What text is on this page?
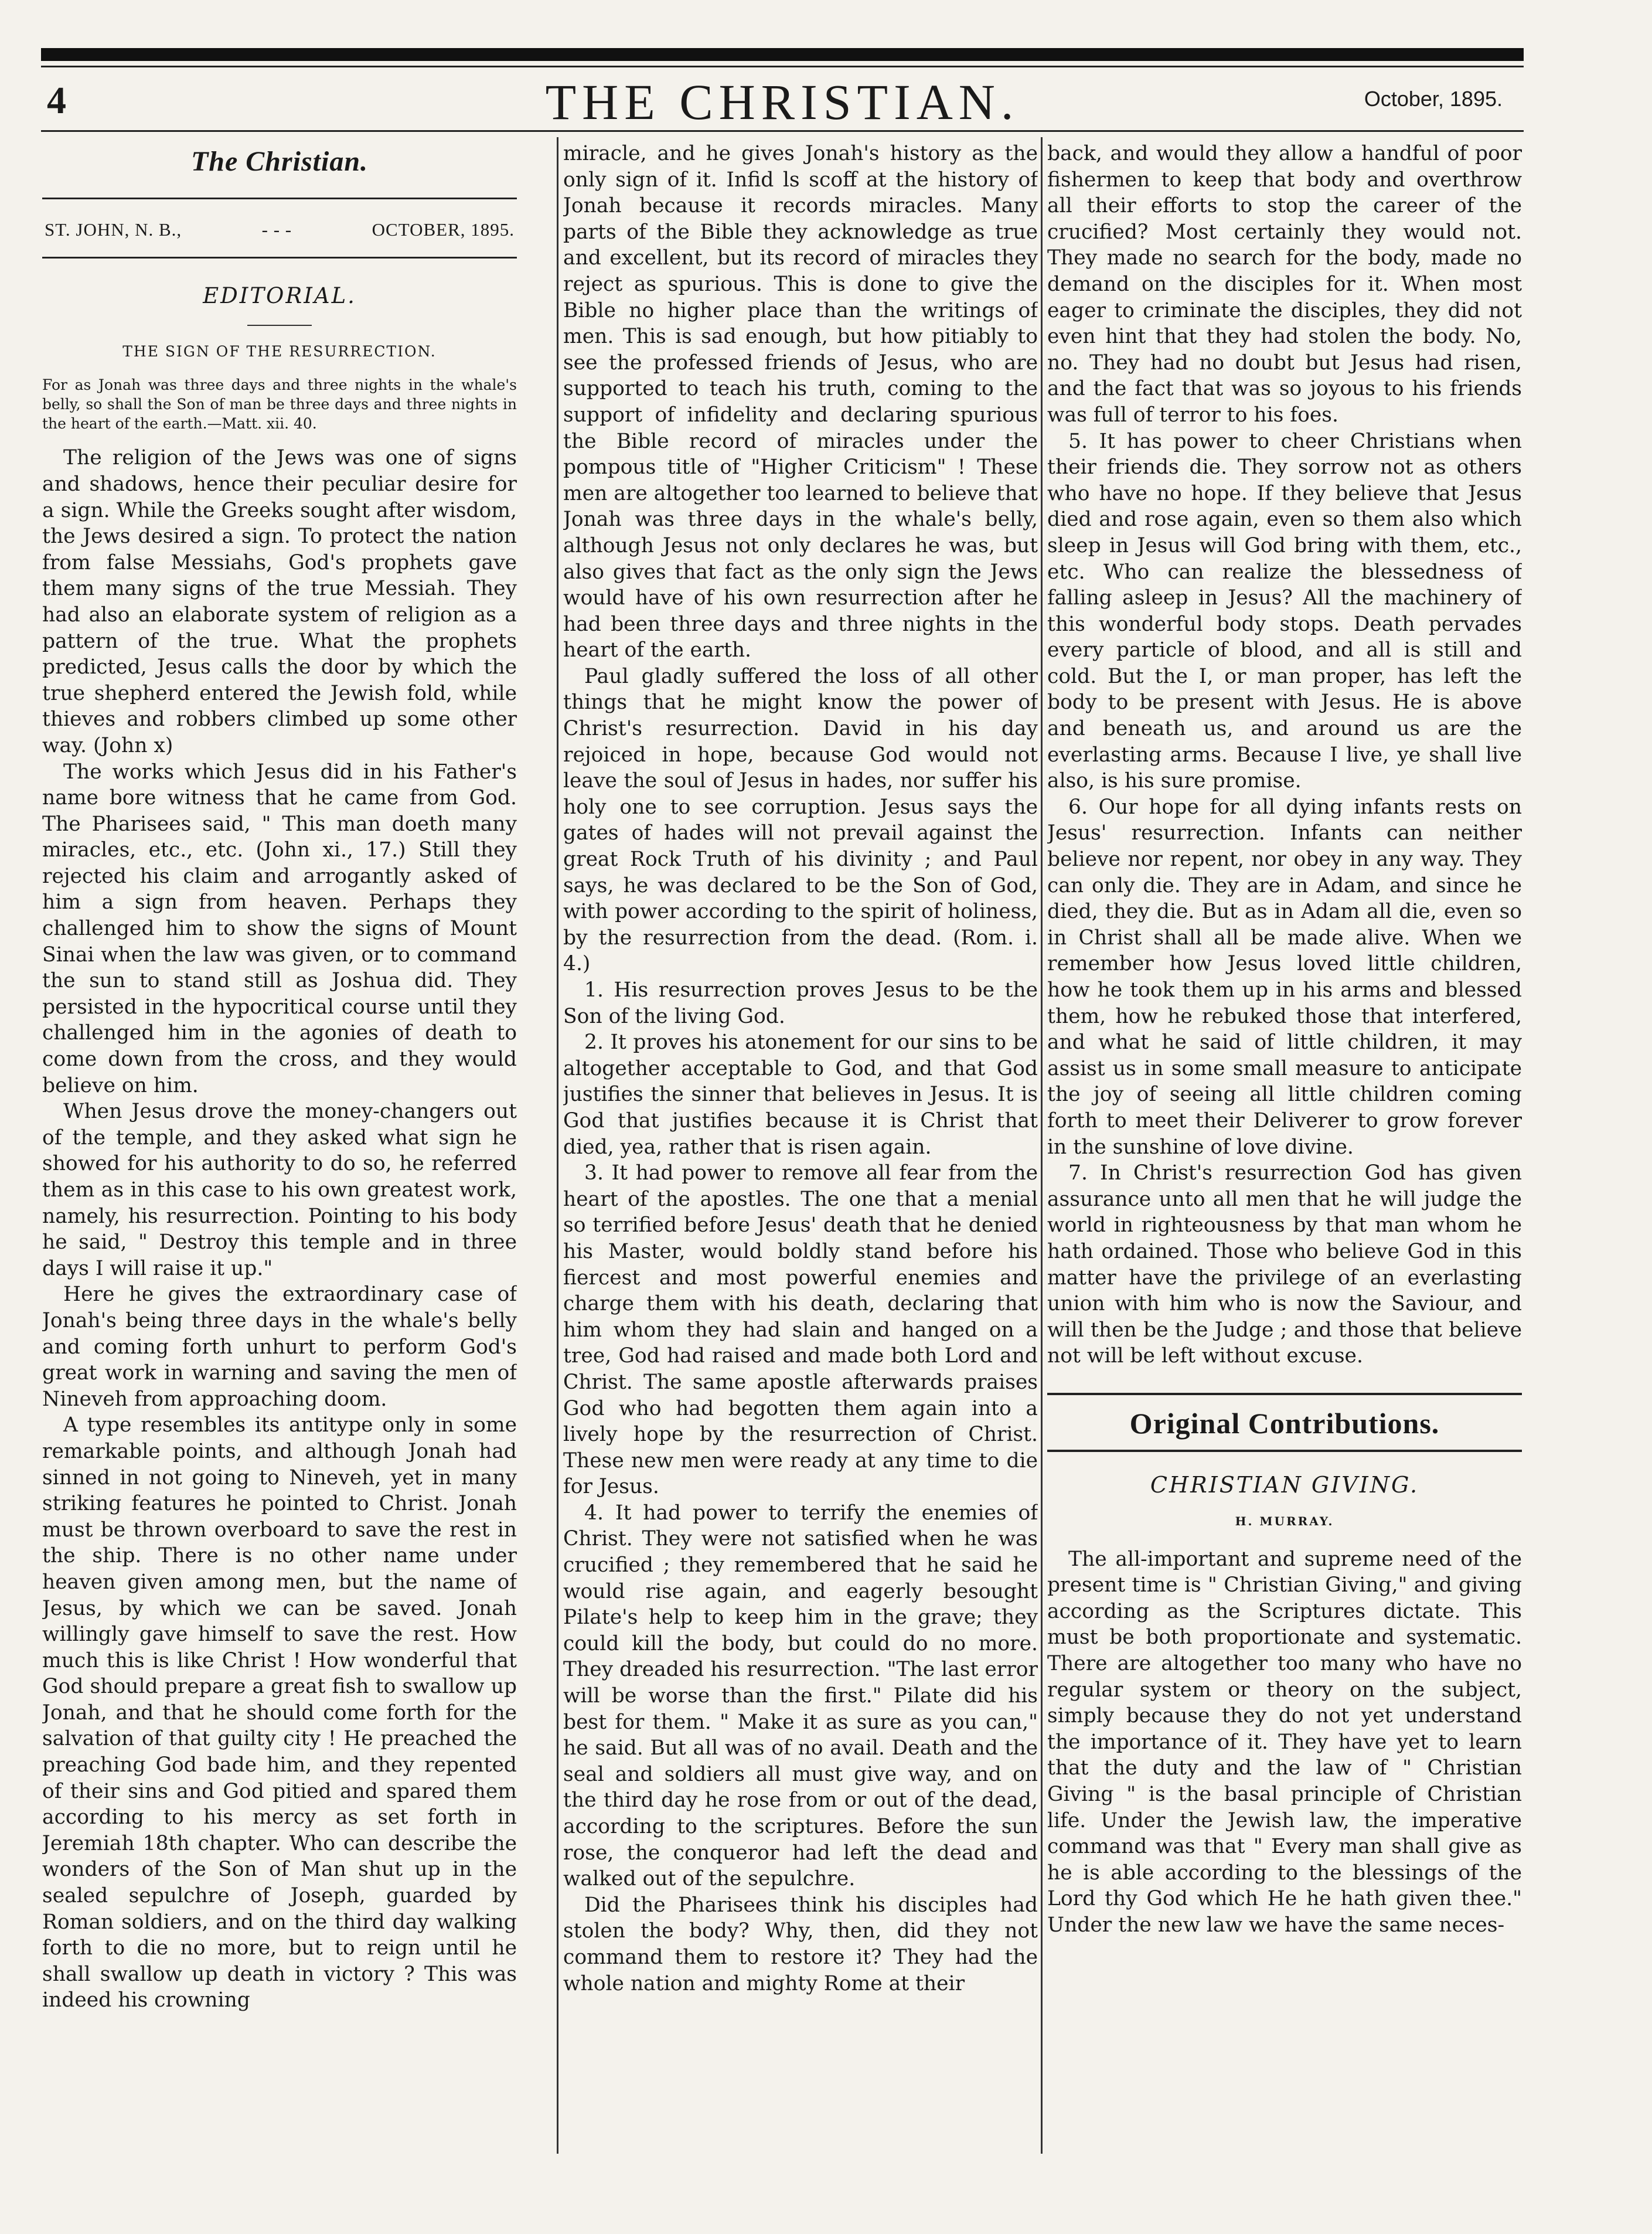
4	THE CHRISTIAN.	October, 1895.
The Christian.
ST. JOHN, N. B.,	- - -	OCTOBER, 1895.
EDITORIAL.
THE SIGN OF THE RESURRECTION.
For as Jonah was three days and three nights in the whale's belly, so shall the Son of man be three days and three nights in the heart of the earth.—Matt. xii. 40.

The religion of the Jews was one of signs and shadows, hence their peculiar desire for a sign. While the Greeks sought after wisdom, the Jews desired a sign. To protect the nation from false Messiahs, God's prophets gave them many signs of the true Messiah. They had also an elaborate system of religion as a pattern of the true. What the prophets predicted, Jesus calls the door by which the true shepherd entered the Jewish fold, while thieves and robbers climbed up some other way. (John x)

The works which Jesus did in his Father's name bore witness that he came from God. The Pharisees said, " This man doeth many miracles, etc., etc. (John xi., 17.) Still they rejected his claim and arrogantly asked of him a sign from heaven. Perhaps they challenged him to show the signs of Mount Sinai when the law was given, or to command the sun to stand still as Joshua did. They persisted in the hypocritical course until they challenged him in the agonies of death to come down from the cross, and they would believe on him.

When Jesus drove the money-changers out of the temple, and they asked what sign he showed for his authority to do so, he referred them as in this case to his own greatest work, namely, his resurrection. Pointing to his body he said, " Destroy this temple and in three days I will raise it up."

Here he gives the extraordinary case of Jonah's being three days in the whale's belly and coming forth unhurt to perform God's great work in warning and saving the men of Nineveh from approaching doom.

A type resembles its antitype only in some remarkable points, and although Jonah had sinned in not going to Nineveh, yet in many striking features he pointed to Christ. Jonah must be thrown overboard to save the rest in the ship. There is no other name under heaven given among men, but the name of Jesus, by which we can be saved. Jonah willingly gave himself to save the rest. How much this is like Christ ! How wonderful that God should prepare a great fish to swallow up Jonah, and that he should come forth for the salvation of that guilty city ! He preached the preaching God bade him, and they repented of their sins and God pitied and spared them according to his mercy as set forth in Jeremiah 18th chapter. Who can describe the wonders of the Son of Man shut up in the sealed sepulchre of Joseph, guarded by Roman soldiers, and on the third day walking forth to die no more, but to reign until he shall swallow up death in victory ? This was indeed his crowning

miracle, and he gives Jonah's history as the only sign of it. Infid ls scoff at the history of Jonah because it records miracles. Many parts of the Bible they acknowledge as true and excellent, but its record of miracles they reject as spurious. This is done to give the Bible no higher place than the writings of men. This is sad enough, but how pitiably to see the professed friends of Jesus, who are supported to teach his truth, coming to the support of infidelity and declaring spurious the Bible record of miracles under the pompous title of "Higher Criticism" ! These men are altogether too learned to believe that Jonah was three days in the whale's belly, although Jesus not only declares he was, but also gives that fact as the only sign the Jews would have of his own resurrection after he had been three days and three nights in the heart of the earth.

Paul gladly suffered the loss of all other things that he might know the power of Christ's resurrection. David in his day rejoiced in hope, because God would not leave the soul of Jesus in hades, nor suffer his holy one to see corruption. Jesus says the gates of hades will not prevail against the great Rock Truth of his divinity ; and Paul says, he was declared to be the Son of God, with power according to the spirit of holiness, by the resurrection from the dead. (Rom. i. 4.)

1. His resurrection proves Jesus to be the Son of the living God.

2. It proves his atonement for our sins to be altogether acceptable to God, and that God justifies the sinner that believes in Jesus. It is God that justifies because it is Christ that died, yea, rather that is risen again.

3. It had power to remove all fear from the heart of the apostles. The one that a menial so terrified before Jesus' death that he denied his Master, would boldly stand before his fiercest and most powerful enemies and charge them with his death, declaring that him whom they had slain and hanged on a tree, God had raised and made both Lord and Christ. The same apostle afterwards praises God who had begotten them again into a lively hope by the resurrection of Christ. These new men were ready at any time to die for Jesus.

4. It had power to terrify the enemies of Christ. They were not satisfied when he was crucified ; they remembered that he said he would rise again, and eagerly besought Pilate's help to keep him in the grave; they could kill the body, but could do no more. They dreaded his resurrection. "The last error will be worse than the first." Pilate did his best for them. " Make it as sure as you can," he said. But all was of no avail. Death and the seal and soldiers all must give way, and on the third day he rose from or out of the dead, according to the scriptures. Before the sun rose, the conqueror had left the dead and walked out of the sepulchre.

Did the Pharisees think his disciples had stolen the body? Why, then, did they not command them to restore it? They had the whole nation and mighty Rome at their

back, and would they allow a handful of poor fishermen to keep that body and overthrow all their efforts to stop the career of the crucified? Most certainly they would not. They made no search for the body, made no demand on the disciples for it. When most eager to criminate the disciples, they did not even hint that they had stolen the body. No, no. They had no doubt but Jesus had risen, and the fact that was so joyous to his friends was full of terror to his foes.

5. It has power to cheer Christians when their friends die. They sorrow not as others who have no hope. If they believe that Jesus died and rose again, even so them also which sleep in Jesus will God bring with them, etc., etc. Who can realize the blessedness of falling asleep in Jesus? All the machinery of this wonderful body stops. Death pervades every particle of blood, and all is still and cold. But the I, or man proper, has left the body to be present with Jesus. He is above and beneath us, and around us are the everlasting arms. Because I live, ye shall live also, is his sure promise.

6. Our hope for all dying infants rests on Jesus' resurrection. Infants can neither believe nor repent, nor obey in any way. They can only die. They are in Adam, and since he died, they die. But as in Adam all die, even so in Christ shall all be made alive. When we remember how Jesus loved little children, how he took them up in his arms and blessed them, how he rebuked those that interfered, and what he said of little children, it may assist us in some small measure to anticipate the joy of seeing all little children coming forth to meet their Deliverer to grow forever in the sunshine of love divine.

7. In Christ's resurrection God has given assurance unto all men that he will judge the world in righteousness by that man whom he hath ordained. Those who believe God in this matter have the privilege of an everlasting union with him who is now the Saviour, and will then be the Judge ; and those that believe not will be left without excuse.

Original Contributions.
CHRISTIAN GIVING.
H. MURRAY.

The all-important and supreme need of the present time is " Christian Giving," and giving according as the Scriptures dictate. This must be both proportionate and systematic. There are altogether too many who have no regular system or theory on the subject, simply because they do not yet understand the importance of it. They have yet to learn that the duty and the law of " Christian Giving " is the basal principle of Christian life. Under the Jewish law, the imperative command was that " Every man shall give as he is able according to the blessings of the Lord thy God which He he hath given thee." Under the new law we have the same neces-
